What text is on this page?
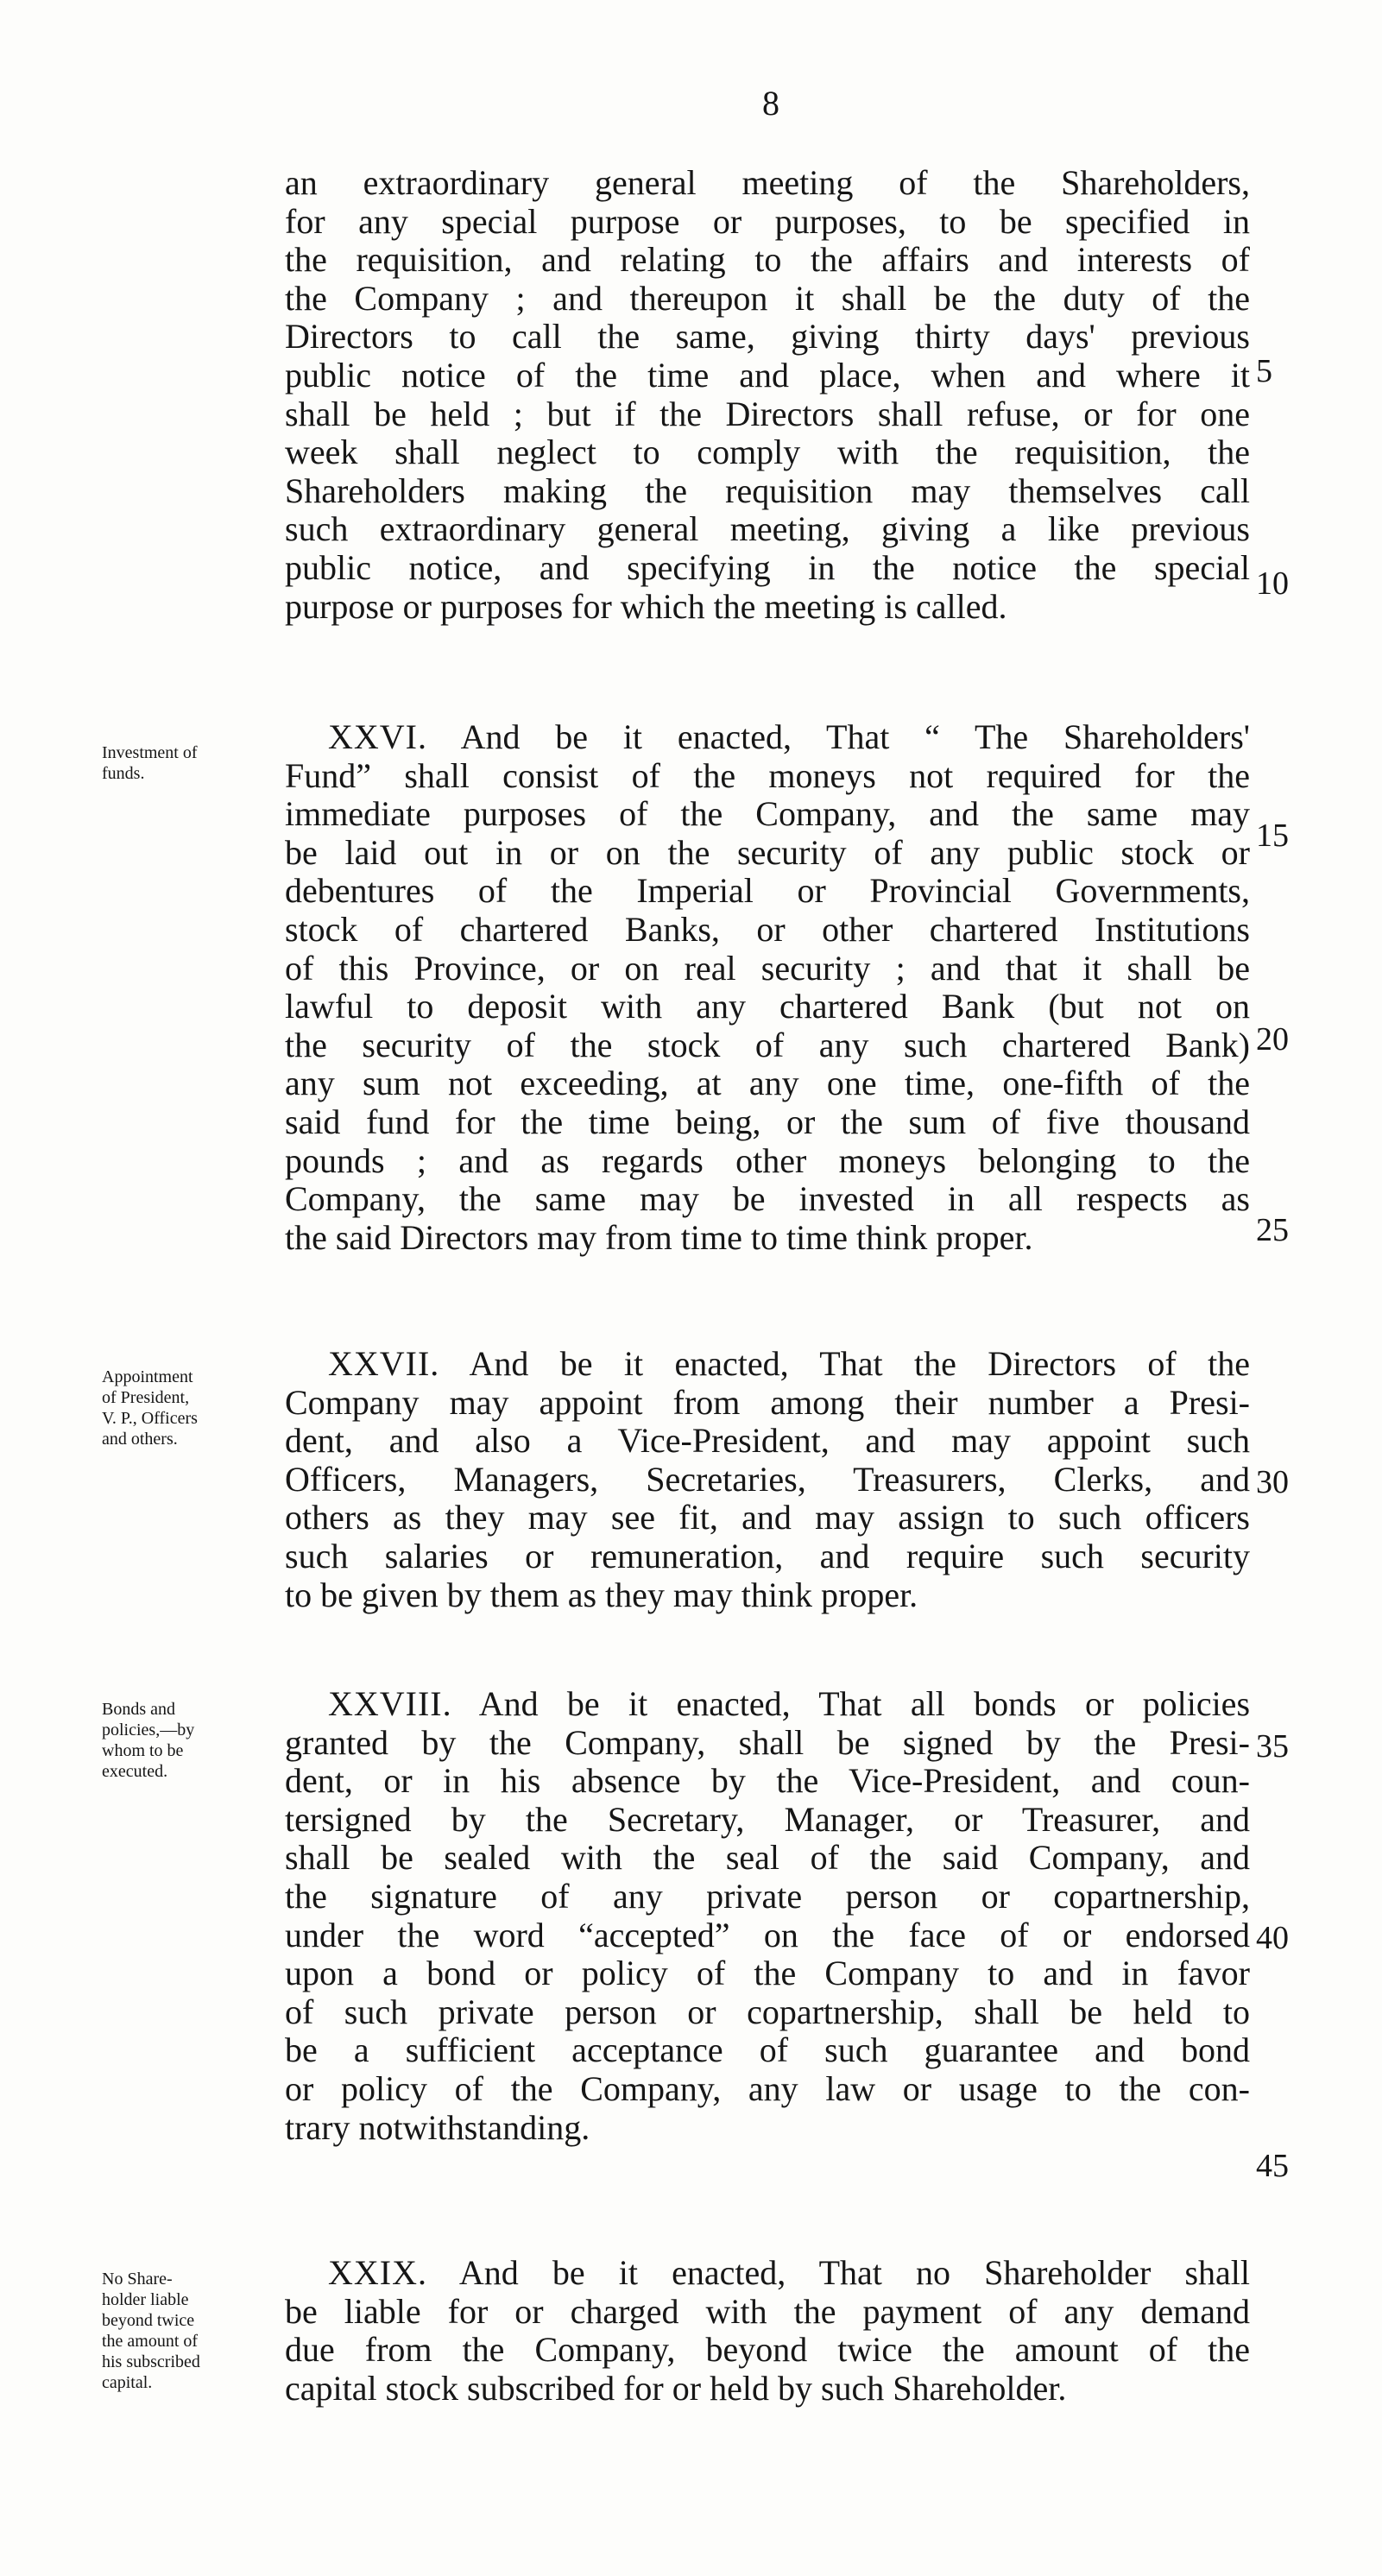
8
an extraordinary general meeting of the Shareholders,
for any special purpose or purposes, to be specified in
the requisition, and relating to the affairs and interests of
the Company ; and thereupon it shall be the duty of the
Directors to call the same, giving thirty days' previous
public notice of the time and place, when and where it
shall be held ; but if the Directors shall refuse, or for one
week shall neglect to comply with the requisition, the
Shareholders making the requisition may themselves call
such extraordinary general meeting, giving a like previous
public notice, and specifying in the notice the special
purpose or purposes for which the meeting is called.
Investment of
funds.
XXVI. And be it enacted, That “ The Shareholders'
Fund” shall consist of the moneys not required for the
immediate purposes of the Company, and the same may
be laid out in or on the security of any public stock or
debentures of the Imperial or Provincial Governments,
stock of chartered Banks, or other chartered Institutions
of this Province, or on real security ; and that it shall be
lawful to deposit with any chartered Bank (but not on
the security of the stock of any such chartered Bank)
any sum not exceeding, at any one time, one-fifth of the
said fund for the time being, or the sum of five thousand
pounds ; and as regards other moneys belonging to the
Company, the same may be invested in all respects as
the said Directors may from time to time think proper.
Appointment
of President,
V. P., Officers
and others.
XXVII. And be it enacted, That the Directors of the
Company may appoint from among their number a Presi-
dent, and also a Vice-President, and may appoint such
Officers, Managers, Secretaries, Treasurers, Clerks, and
others as they may see fit, and may assign to such officers
such salaries or remuneration, and require such security
to be given by them as they may think proper.
Bonds and
policies,—by
whom to be
executed.
XXVIII. And be it enacted, That all bonds or policies
granted by the Company, shall be signed by the Presi-
dent, or in his absence by the Vice-President, and coun-
tersigned by the Secretary, Manager, or Treasurer, and
shall be sealed with the seal of the said Company, and
the signature of any private person or copartnership,
under the word “accepted” on the face of or endorsed
upon a bond or policy of the Company to and in favor
of such private person or copartnership, shall be held to
be a sufficient acceptance of such guarantee and bond
or policy of the Company, any law or usage to the con-
trary notwithstanding.
No Share-
holder liable
beyond twice
the amount of
his subscribed
capital.
XXIX. And be it enacted, That no Shareholder shall
be liable for or charged with the payment of any demand
due from the Company, beyond twice the amount of the
capital stock subscribed for or held by such Shareholder.
5
10
15
20
25
30
35
40
45
